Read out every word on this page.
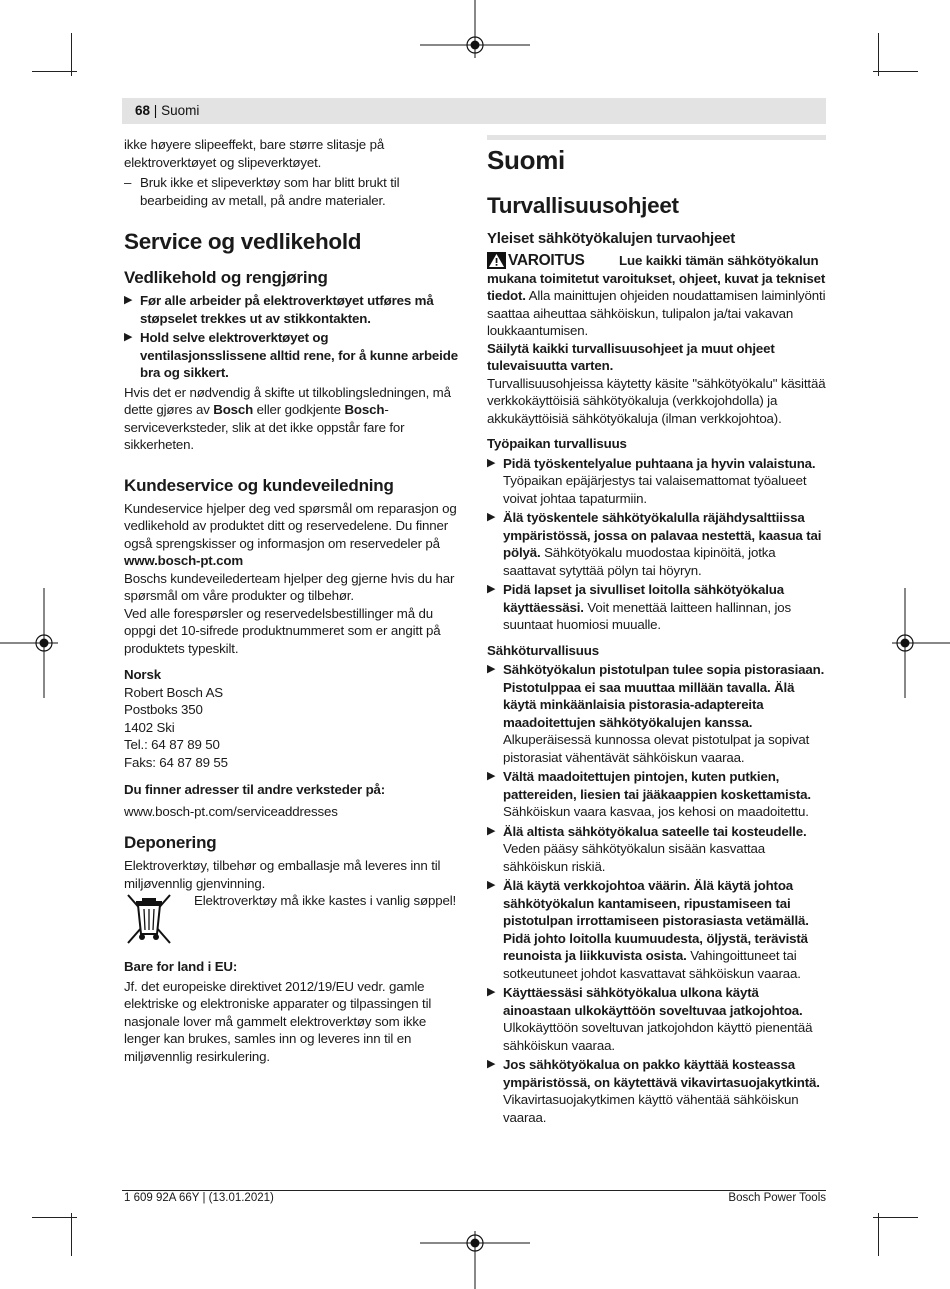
68 | Suomi

ikke høyere slipeeffekt, bare større slitasje på elektroverktøyet og slipeverktøyet.

– Bruk ikke et slipeverktøy som har blitt brukt til bearbeiding av metall, på andre materialer.

Service og vedlikehold

Vedlikehold og rengjøring

▶ Før alle arbeider på elektroverktøyet utføres må støpselet trekkes ut av stikkontakten.
▶ Hold selve elektroverktøyet og ventilasjonsslissene alltid rene, for å kunne arbeide bra og sikkert.

Hvis det er nødvendig å skifte ut tilkoblingsledningen, må dette gjøres av Bosch eller godkjente Bosch-serviceverksteder, slik at det ikke oppstår fare for sikkerheten.

Kundeservice og kundeveiledning

Kundeservice hjelper deg ved spørsmål om reparasjon og vedlikehold av produktet ditt og reservedelene. Du finner også sprengskisser og informasjon om reservedeler på

www.bosch-pt.com

Boschs kundeveilederteam hjelper deg gjerne hvis du har spørsmål om våre produkter og tilbehør.

Ved alle forespørsler og reservedelsbestillinger må du oppgi det 10-sifrede produktnummeret som er angitt på produktets typeskilt.

Norsk

Robert Bosch AS

Postboks 350

1402 Ski

Tel.: 64 87 89 50

Faks: 64 87 89 55

Du finner adresser til andre verksteder på:

www.bosch-pt.com/serviceaddresses

Deponering

Elektroverktøy, tilbehør og emballasje må leveres inn til miljøvennlig gjenvinning.

Elektroverktøy må ikke kastes i vanlig søppel!

Bare for land i EU:

Jf. det europeiske direktivet 2012/19/EU vedr. gamle elektriske og elektroniske apparater og tilpassingen til nasjonale lover må gammelt elektroverktøy som ikke lenger kan brukes, samles inn og leveres inn til en miljøvennlig resirkulering.

Suomi

Turvallisuusohjeet

Yleiset sähkötyökalujen turvaohjeet

VAROITUS	Lue kaikki tämän sähkötyökalun mukana toimitetut varoitukset, ohjeet, kuvat ja tekniset tiedot. Alla mainittujen ohjeiden noudattamisen laiminlyönti saattaa aiheuttaa sähköiskun, tulipalon ja/tai vakavan loukkaantumisen.

Säilytä kaikki turvallisuusohjeet ja muut ohjeet tulevaisuutta varten.

Turvallisuusohjeissa käytetty käsite "sähkötyökalu" käsittää verkkokäyttöisiä sähkötyökaluja (verkkojohdolla) ja akkukäyttöisiä sähkötyökaluja (ilman verkkojohtoa).

Työpaikan turvallisuus

▶ Pidä työskentelyalue puhtaana ja hyvin valaistuna. Työpaikan epäjärjestys tai valaisemattomat työalueet voivat johtaa tapaturmiin.
▶ Älä työskentele sähkötyökalulla räjähdysalttiissa ympäristössä, jossa on palavaa nestettä, kaasua tai pölyä. Sähkötyökalu muodostaa kipinöitä, jotka saattavat sytyttää pölyn tai höyryn.
▶ Pidä lapset ja sivulliset loitolla sähkötyökalua käyttäessäsi. Voit menettää laitteen hallinnan, jos suuntaat huomiosi muualle.

Sähköturvallisuus

▶ Sähkötyökalun pistotulpan tulee sopia pistorasiaan. Pistotulppaa ei saa muuttaa millään tavalla. Älä käytä minkäänlaisia pistorasia-adaptereita maadoitettujen sähkötyökalujen kanssa. Alkuperäisessä kunnossa olevat pistotulpat ja sopivat pistorasiat vähentävät sähköiskun vaaraa.
▶ Vältä maadoitettujen pintojen, kuten putkien, pattereiden, liesien tai jääkaappien koskettamista. Sähköiskun vaara kasvaa, jos kehosi on maadoitettu.
▶ Älä altista sähkötyökalua sateelle tai kosteudelle. Veden pääsy sähkötyökalun sisään kasvattaa sähköiskun riskiä.
▶ Älä käytä verkkojohtoa väärin. Älä käytä johtoa sähkötyökalun kantamiseen, ripustamiseen tai pistotulpan irrottamiseen pistorasiasta vetämällä. Pidä johto loitolla kuumuudesta, öljystä, terävistä reunoista ja liikkuvista osista. Vahingoittuneet tai sotkeutuneet johdot kasvattavat sähköiskun vaaraa.
▶ Käyttäessäsi sähkötyökalua ulkona käytä ainoastaan ulkokäyttöön soveltuvaa jatkojohtoa. Ulkokäyttöön soveltuvan jatkojohdon käyttö pienentää sähköiskun vaaraa.
▶ Jos sähkötyökalua on pakko käyttää kosteassa ympäristössä, on käytettävä vikavirtasuojakytkintä. Vikavirtasuojakytkimen käyttö vähentää sähköiskun vaaraa.
1 609 92A 66Y | (13.01.2021)	Bosch Power Tools
